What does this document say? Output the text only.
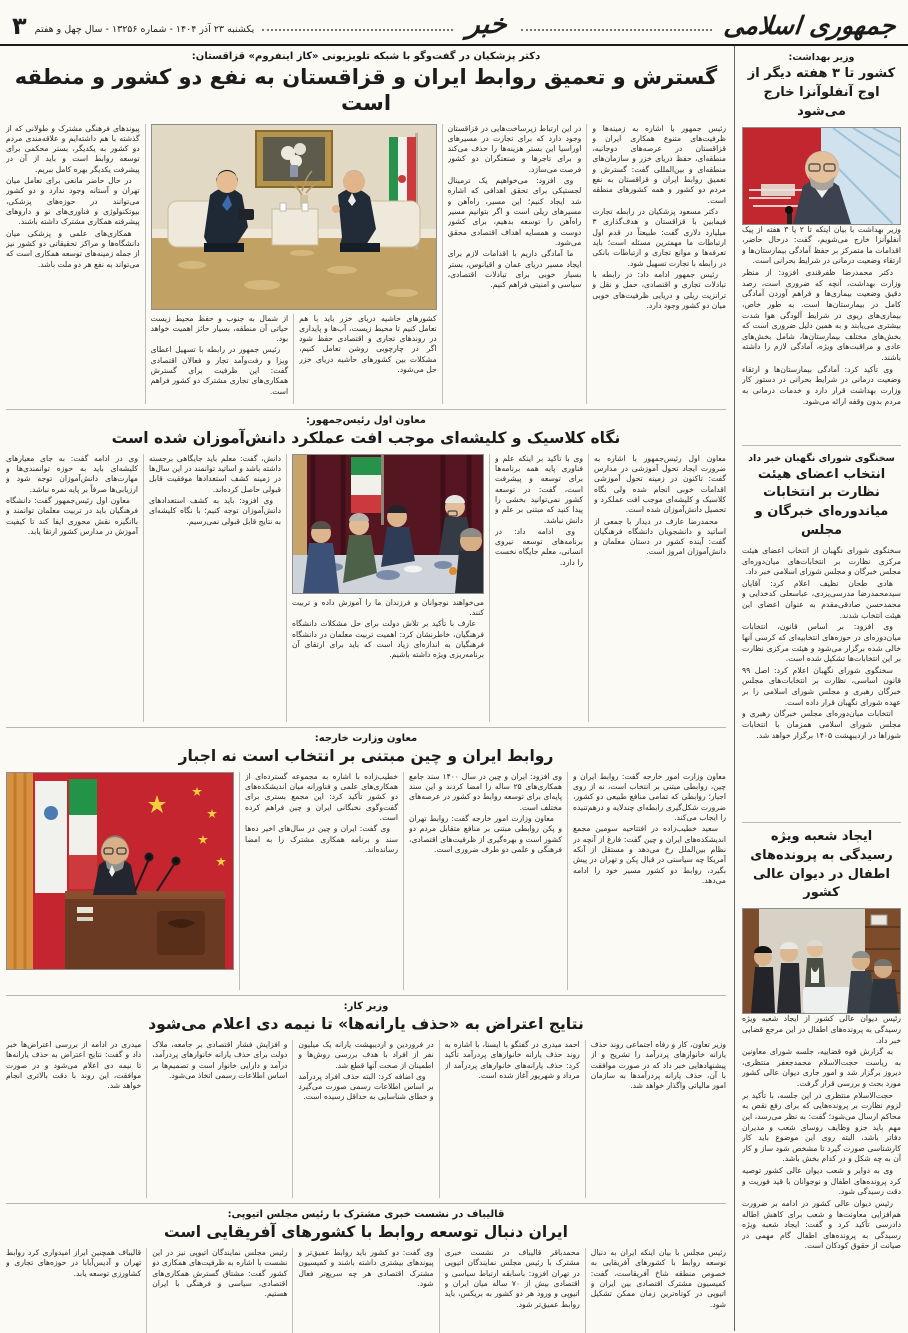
جمهوری اسلامی
خبر
یکشنبه ۲۳ آذر ۱۴۰۴ - شماره ۱۳۲۵۶ - سال چهل و هفتم
۳
وزیر بهداشت:
کشور تا ۳ هفته دیگر از اوج آنفلوآنزا خارج می‌شود

وزیر بهداشت با بیان اینکه تا ۲ یا ۳ هفته از پیک آنفلوآنزا خارج می‌شویم، گفت: درحال حاضر، اقدامات ما متمرکز بر حفظ آمادگی بیمارستان‌ها و ارتقاء وضعیت درمانی در شرایط بحرانی است.

دکتر محمدرضا ظفرقندی افزود: از منظر وزارت بهداشت، آنچه که ضروری است، رصد دقیق وضعیت بیماری‌ها و فراهم آوردن آمادگی کامل در بیمارستان‌ها است. به طور خاص، بیماری‌های ریوی در شرایط آلودگی هوا شدت بیشتری می‌یابند و به همین دلیل ضروری است که بخش‌های مختلف بیمارستان‌ها، شامل بخش‌های عادی و مراقبت‌های ویژه، آمادگی لازم را داشته باشند.

وی تأکید کرد: آمادگی بیمارستان‌ها و ارتقاء وضعیت درمانی در شرایط بحرانی در دستور کار وزارت بهداشت قرار دارد و خدمات درمانی به مردم بدون وقفه ارائه می‌شود.

سخنگوی شورای نگهبان خبر داد
انتخاب اعضای هیئت نظارت بر انتخابات میاندوره‌ای خبرگان و مجلس

سخنگوی شورای نگهبان از انتخاب اعضای هیئت مرکزی نظارت بر انتخابات‌های میان‌دوره‌ای مجلس خبرگان و مجلس شورای اسلامی خبر داد.

هادی طحان نظیف اعلام کرد: آقایان سیدمحمدرضا مدرسی‌یزدی، عباسعلی کدخدایی و محمدحسن صادقی‌مقدم به عنوان اعضای این هیئت انتخاب شدند.

وی افزود: بر اساس قانون، انتخابات میان‌دوره‌ای در حوزه‌های انتخابیه‌ای که کرسی آنها خالی شده برگزار می‌شود و هیئت مرکزی نظارت بر این انتخابات‌ها تشکیل شده است.

سخنگوی شورای نگهبان اعلام کرد: اصل ۹۹ قانون اساسی، نظارت بر انتخابات‌های مجلس خبرگان رهبری و مجلس شورای اسلامی را بر عهده شورای نگهبان قرار داده است.

انتخابات میان‌دوره‌ای مجلس خبرگان رهبری و مجلس شورای اسلامی همزمان با انتخابات شوراها در اردیبهشت ۱۴۰۵ برگزار خواهد شد.

ایجاد شعبه ویژه رسیدگی به پرونده‌های اطفال در دیوان عالی کشور

رئیس دیوان عالی کشور از ایجاد شعبه ویژه رسیدگی به پرونده‌های اطفال در این مرجع قضایی خبر داد.

به گزارش قوه قضاییه، جلسه شورای معاونین به ریاست حجت‌الاسلام محمدجعفر منتظری، دیروز برگزار شد و امور جاری دیوان عالی کشور مورد بحث و بررسی قرار گرفت.

حجت‌الاسلام منتظری در این جلسه، با تأکید بر لزوم نظارت بر پرونده‌هایی که برای رفع نقص به محاکم ارسال می‌شود؛ گفت: به نظر می‌رسد، این مهم باید جزو وظایف روسای شعب و مدیران دفاتر باشد، البته روی این موضوع باید کار کارشناسی صورت گیرد تا مشخص شود ساز و کار آن به چه شکل و در کدام بخش باشد.

وی به دوایر و شعب دیوان عالی کشور توصیه کرد پرونده‌های اطفال و نوجوانان با قید فوریت و دقت رسیدگی شود.

رئیس دیوان عالی کشور در ادامه بر ضرورت هم‌افزایی معاونت‌ها و شعب برای کاهش اطاله دادرسی تأکید کرد و گفت: ایجاد شعبه ویژه رسیدگی به پرونده‌های اطفال گام مهمی در صیانت از حقوق کودکان است.

دکتر پزشکیان در گفت‌وگو با شبکه تلویزیونی «کاز اینفروم» قزاقستان:
گسترش و تعمیق روابط ایران و قزاقستان به نفع دو کشور و منطقه است

رئیس جمهور با اشاره به زمینه‌ها و ظرفیت‌های متنوع همکاری ایران و قزاقستان در عرصه‌های دوجانبه، منطقه‌ای، حفظ دریای خزر و سازمان‌های منطقه‌ای و بین‌المللی گفت: گسترش و تعمیق روابط ایران و قزاقستان به نفع مردم دو کشور و همه کشورهای منطقه است.

دکتر مسعود پزشکیان در رابطه تجارت فیمابین با قزاقستان و هدف‌گذاری ۳ میلیارد دلاری گفت: طبیعتاً در قدم اول ارتباطات ما مهمترین مسئله است؛ باید تعرفه‌ها و موانع تجاری و ارتباطات بانکی در رابطه با تجارت تسهیل شود.

رئیس جمهور ادامه داد: در رابطه با تبادلات تجاری و اقتصادی، حمل و نقل و ترانزیت ریلی و دریایی ظرفیت‌های خوبی میان دو کشور وجود دارد.

در این ارتباط زیرساخت‌هایی در قزاقستان وجود دارد که برای تجارت در مسیرهای اوراسیا این بستر هزینه‌ها را حذف می‌کند و برای تاجرها و صنعتگران دو کشور فرصت می‌سازد.

وی افزود: می‌خواهیم یک ترمینال لجستیکی برای تحقق اهدافی که اشاره شد ایجاد کنیم؛ این مسیر، راه‌آهن و مسیرهای ریلی است و اگر بتوانیم مسیر راه‌آهن را توسعه بدهیم، برای کشور دوست و همسایه اهداف اقتصادی محقق می‌شود.

ما آمادگی داریم با اقدامات لازم برای ایجاد مسیر دریای عمان و اقیانوس، بستر بسیار خوبی برای تبادلات اقتصادی، سیاسی و امنیتی فراهم کنیم.

کشورهای حاشیه دریای خزر باید با هم تعامل کنیم تا محیط زیست، آب‌ها و پایداری در روندهای تجاری و اقتصادی حفظ شود اگر در چارچوبی روشن تعامل کنیم، مشکلات بین کشورهای حاشیه دریای خزر حل می‌شود.

از شمال به جنوب و حفظ محیط زیست حیاتی آن منطقه، بسیار حائز اهمیت خواهد بود.

رئیس جمهور در رابطه با تسهیل اعطای ویزا و رفت‌وآمد تجار و فعالان اقتصادی گفت: این ظرفیت برای گسترش همکاری‌های تجاری مشترک دو کشور فراهم است.

پیوندهای فرهنگی مشترک و طولانی که از گذشته با هم داشته‌ایم و علاقه‌مندی مردم دو کشور به یکدیگر، بستر محکمی برای توسعه روابط است و باید از آن در پیشرفت یکدیگر بهره کامل ببریم.

در حال حاضر مانعی برای تعامل میان تهران و آستانه وجود ندارد و دو کشور می‌توانند در حوزه‌های پزشکی، بیوتکنولوژی و فناوری‌های نو و داروهای پیشرفته همکاری مشترک داشته باشند.

همکاری‌های علمی و پزشکی میان دانشگاه‌ها و مراکز تحقیقاتی دو کشور نیز از جمله زمینه‌های توسعه همکاری است که می‌تواند به نفع هر دو ملت باشد.

معاون اول رئیس‌جمهور:
نگاه کلاسیک و کلیشه‌ای موجب افت عملکرد دانش‌آموزان شده است

معاون اول رئیس‌جمهور با اشاره به ضرورت ایجاد تحول آموزشی در مدارس گفت: تاکنون در زمینه تحول آموزشی اقدامات خوبی انجام شده ولی نگاه کلاسیک و کلیشه‌ای موجب افت عملکرد و تحصیل دانش‌آموزان شده است.

محمدرضا عارف در دیدار با جمعی از اساتید و دانشجویان دانشگاه فرهنگیان گفت: آینده کشور در دستان معلمان و دانش‌آموزان امروز است.

وی با تأکید بر اینکه علم و فناوری پایه همه برنامه‌ها برای توسعه و پیشرفت است، گفت: در توسعه کشور نمی‌توانید بخشی را پیدا کنید که مبتنی بر علم و دانش نباشد.

وی ادامه داد: در برنامه‌های توسعه نیروی انسانی، معلم جایگاه نخست را دارد.

می‌خواهند نوجوانان و فرزندان ما را آموزش داده و تربیت کنند.

عارف با تأکید بر تلاش دولت برای حل مشکلات دانشگاه فرهنگیان، خاطرنشان کرد: اهمیت تربیت معلمان در دانشگاه فرهنگیان به اندازه‌ای زیاد است که باید برای ارتقای آن برنامه‌ریزی ویژه داشته باشیم.

دانش، گفت: معلم باید جایگاهی برجسته داشته باشد و اساتید توانمند در این سال‌ها در زمینه کشف استعدادها موفقیت قابل قبولی حاصل کرده‌اند.

وی افزود: باید به کشف استعدادهای دانش‌آموزان توجه کنیم؛ با نگاه کلیشه‌ای به نتایج قابل قبولی نمی‌رسیم.

وی در ادامه گفت: به جای معیارهای کلیشه‌ای باید به حوزه توانمندی‌ها و مهارت‌های دانش‌آموزان توجه شود و ارزیابی‌ها صرفاً بر پایه نمره نباشد.

معاون اول رئیس‌جمهور گفت: دانشگاه فرهنگیان باید در تربیت معلمان توانمند و باانگیزه نقش محوری ایفا کند تا کیفیت آموزش در مدارس کشور ارتقا یابد.

معاون وزارت خارجه:
روابط ایران و چین مبتنی بر انتخاب است نه اجبار

معاون وزارت امور خارجه گفت: روابط ایران و چین، روابطی مبتنی بر انتخاب است، نه از روی اجبار؛ روابطی که تمامی منافع طبیعی دو کشور، ضرورت شکل‌گیری رابطه‌ای چندلایه و درهم‌تنیده را ایجاب می‌کند.

سعید خطیب‌زاده در افتتاحیه سومین مجمع اندیشکده‌های ایران و چین گفت: فارغ از آنچه در نظام بین‌الملل رخ می‌دهد و مستقل از آنکه آمریکا چه سیاستی در قبال پکن و تهران در پیش بگیرد، روابط دو کشور مسیر خود را ادامه می‌دهد.

وی افزود: ایران و چین در سال ۱۴۰۰ سند جامع همکاری‌های ۲۵ ساله را امضا کردند و این سند پایه‌ای برای توسعه روابط دو کشور در عرصه‌های مختلف است.

معاون وزارت امور خارجه گفت: روابط تهران و پکن روابطی مبتنی بر منافع متقابل مردم دو کشور است و بهره‌گیری از ظرفیت‌های اقتصادی، فرهنگی و علمی دو طرف ضروری است.

خطیب‌زاده با اشاره به مجموعه گسترده‌ای از همکاری‌های علمی و فناورانه میان اندیشکده‌های دو کشور تأکید کرد: این مجمع بستری برای گفت‌وگوی نخبگانی ایران و چین فراهم کرده است.

وی گفت: ایران و چین در سال‌های اخیر ده‌ها سند و برنامه همکاری مشترک را به امضا رسانده‌اند.

وزیر کار:
نتایج اعتراض به «حذف یارانه‌ها» تا نیمه دی اعلام می‌شود

وزیر تعاون، کار و رفاه اجتماعی روند حذف یارانه خانوارهای پردرآمد را تشریح و از پیشنهادهایی خبر داد که در صورت موافقت با آن، حذف یارانه پردرآمدها به سازمان امور مالیاتی واگذار خواهد شد.

احمد میدری در گفتگو با ایسنا، با اشاره به روند حذف یارانه خانوارهای پردرآمد تأکید کرد: حذف یارانه‌های خانوارهای پردرآمد از مرداد و شهریور آغاز شده است.

در فروردین و اردیبهشت یارانه یک میلیون نفر از افراد با هدف بررسی روش‌ها و اطمینان از صحت آنها قطع شد.

وی اضافه کرد: البته حذف افراد پردرآمد بر اساس اطلاعات رسمی صورت می‌گیرد و خطای شناسایی به حداقل رسیده است.

و افزایش فشار اقتصادی بر جامعه، ملاک دولت برای حذف یارانه خانوارهای پردرآمد، درآمد و دارایی خانوار است و تصمیم‌ها بر اساس اطلاعات رسمی اتخاذ می‌شود.

میدری در ادامه از بررسی اعتراض‌ها خبر داد و گفت: نتایج اعتراض به حذف یارانه‌ها تا نیمه دی اعلام می‌شود و در صورت موافقت، این روند با دقت بالاتری انجام خواهد شد.

قالیباف در نشست خبری مشترک با رئیس مجلس اتیوپی:
ایران دنبال توسعه روابط با کشورهای آفریقایی است

رئیس مجلس با بیان اینکه ایران به دنبال توسعه روابط با کشورهای آفریقایی به خصوص منطقه شاخ آفریقاست، گفت: کمیسیون مشترک اقتصادی بین ایران و اتیوپی در کوتاه‌ترین زمان ممکن تشکیل شود.

محمدباقر قالیباف در نشست خبری مشترک با رئیس مجلس نمایندگان اتیوپی در تهران افزود: باسابقه ارتباط سیاسی و اقتصادی بیش از ۷۰ ساله میان ایران و اتیوپی و ورود هر دو کشور به بریکس، باید روابط عمیق‌تر شود.

وی گفت: دو کشور باید روابط عمیق‌تر و پیوندهای بیشتری داشته باشند و کمیسیون مشترک اقتصادی هر چه سریع‌تر فعال شود.

رئیس مجلس نمایندگان اتیوپی نیز در این نشست با اشاره به ظرفیت‌های همکاری دو کشور گفت: مشتاق گسترش همکاری‌های اقتصادی، سیاسی و فرهنگی با ایران هستیم.

قالیباف همچنین ابراز امیدواری کرد روابط تهران و آدیس‌آبابا در حوزه‌های تجاری و کشاورزی توسعه یابد.
